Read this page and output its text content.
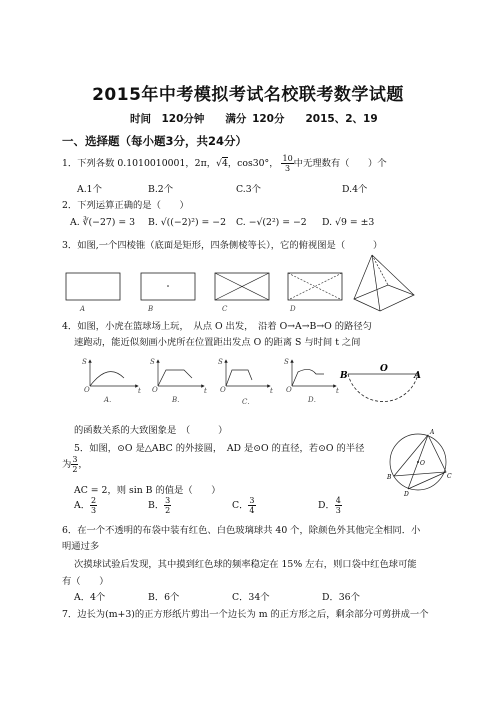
2015年中考模拟考试名校联考数学试题
时间　120分钟　　满分 120分　　2015、2、19
一、选择题（每小题3分，共24分）
1．下列各数 0.1010010001，2π，√4，cos30°， $\frac{10}{3}$ 中无理数有（　　）个
A.1个	B.2个	C.3个	D.4个
2．下列运算正确的是（　　）
A. ∛(−27) = 3 B. √((−2)²) = −2 C. −√(2²) = −2 D. √9 = ±3
3．如图,一个四棱锥（底面是矩形，四条侧棱等长），它的俯视图是（　　　）
A	B	C	D
4．如图，小虎在篮球场上玩，　从点 O 出发，　沿着 O→A→B→O 的路径匀
速跑动，能近似刻画小虎所在位置距出发点 O 的距离 S 与时间 t 之间
S
O	t
A．
S
O	t
B．
S
O	t
C．
S
O	t
D．
B
O
A
的函数关系的大致图象是　（　　　）
5．如图，⊙O 是△ABC 的外接圆，　AD 是⊙O 的直径，若⊙O 的半径
为 $\frac{3}{2}$ ，
AC = 2，则 sin B 的值是（　　）
A． $\frac{2}{3}$	B． $\frac{3}{2}$	C． $\frac{3}{4}$	D． $\frac{4}{3}$
A
B	C
D
O
6．在一个不透明的布袋中装有红色、白色玻璃球共 40 个，除颜色外其他完全相同．小
明通过多
次摸球试验后发现，其中摸到红色球的频率稳定在 15% 左右，则口袋中红色球可能
有（　　）
A．4个	B．6个	C．34个	D．36个
7．边长为(m+3)的正方形纸片剪出一个边长为 m 的正方形之后，剩余部分可剪拼成一个
